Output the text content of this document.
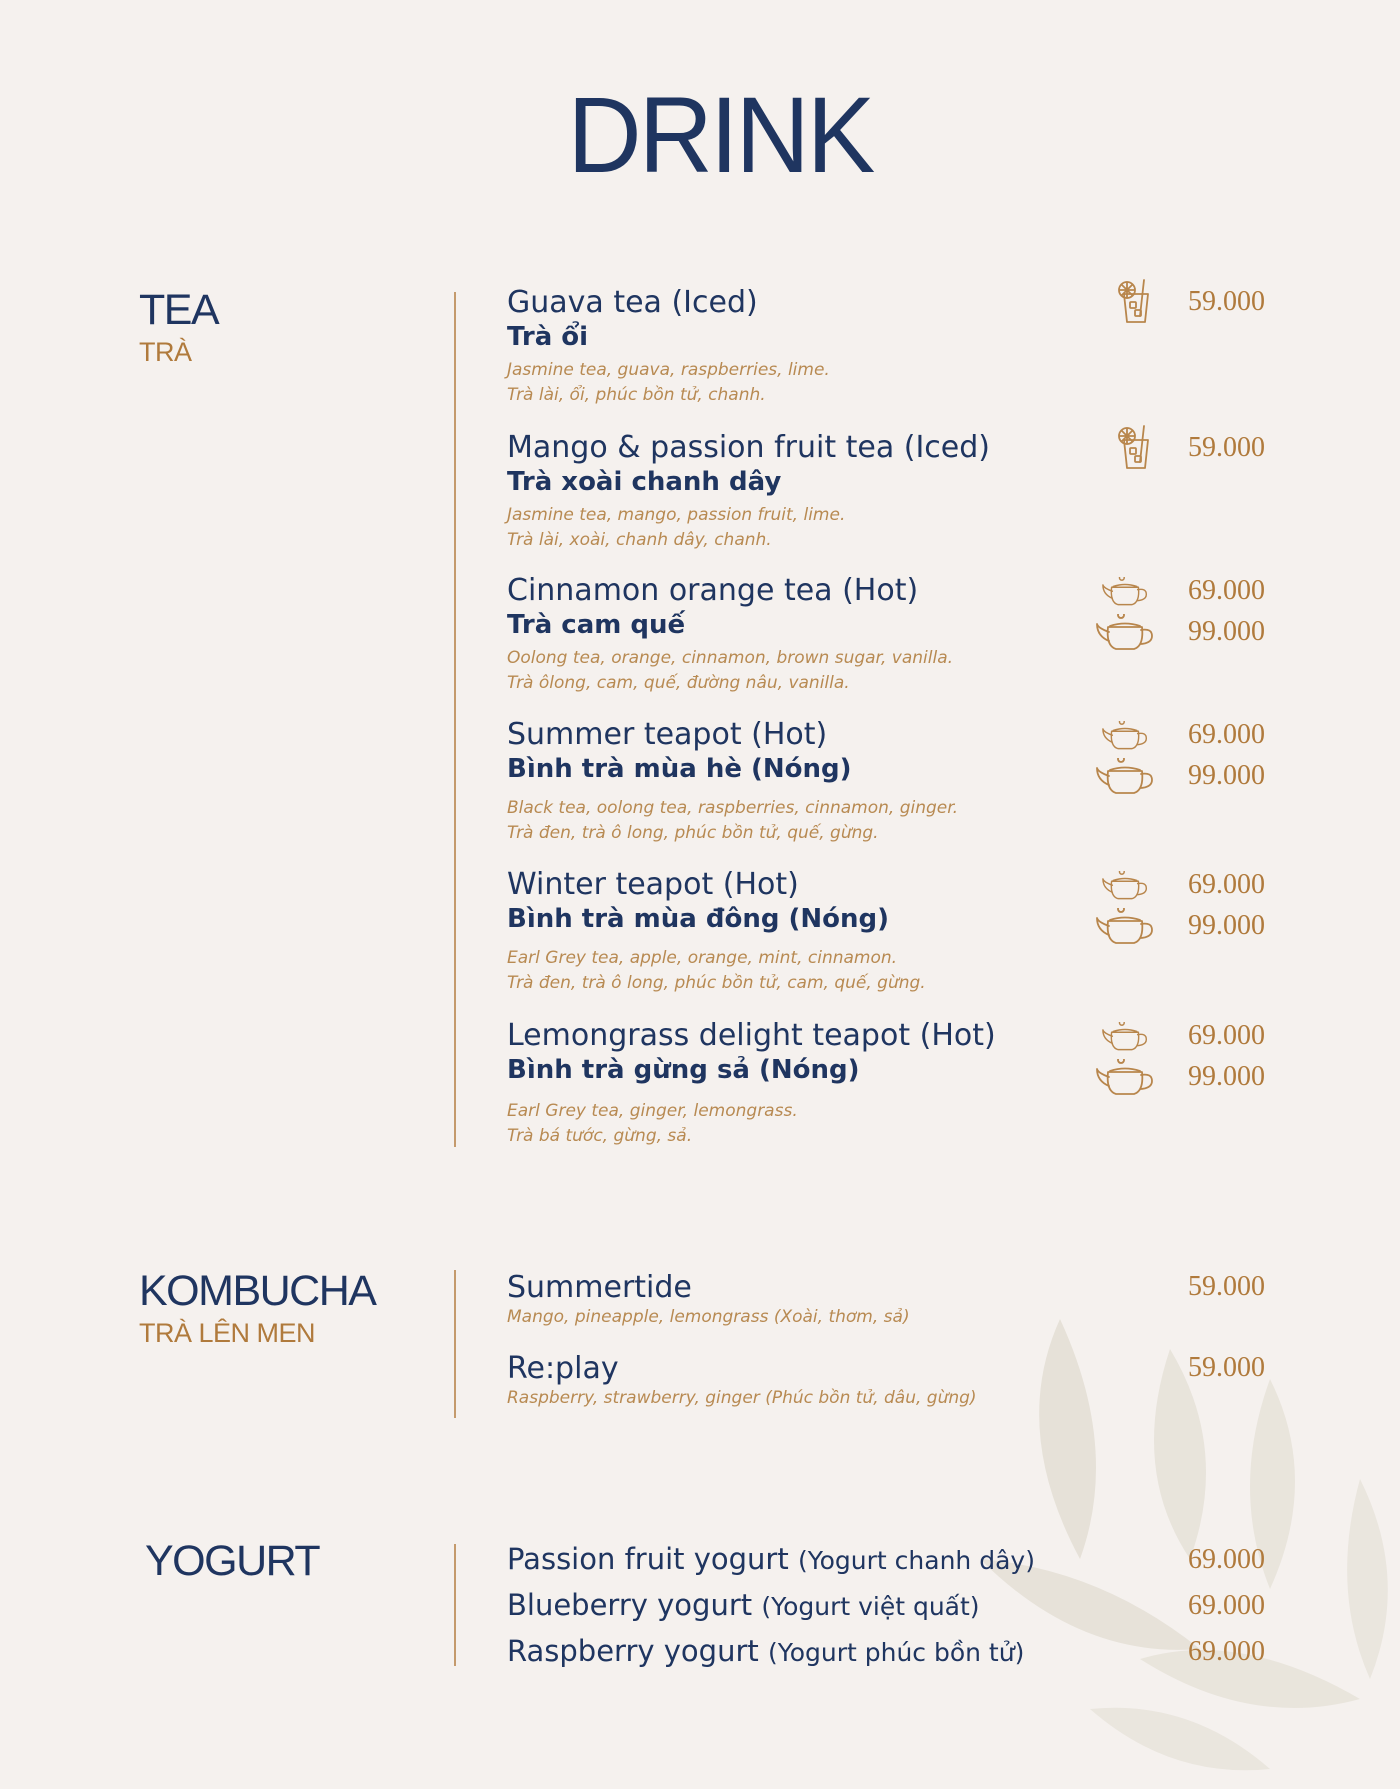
DRINK
TEA
TRÀ
Guava tea (Iced)
Trà ổi
Jasmine tea, guava, raspberries, lime.
Trà lài, ổi, phúc bồn tử, chanh.
59.000
Mango & passion fruit tea (Iced)
Trà xoài chanh dây
Jasmine tea, mango, passion fruit, lime.
Trà lài, xoài, chanh dây, chanh.
59.000
Cinnamon orange tea (Hot)
Trà cam quế
Oolong tea, orange, cinnamon, brown sugar, vanilla.
Trà ôlong, cam, quế, đường nâu, vanilla.
69.000
99.000
Summer teapot (Hot)
Bình trà mùa hè (Nóng)
Black tea, oolong tea, raspberries, cinnamon, ginger.
Trà đen, trà ô long, phúc bồn tử, quế, gừng.
69.000
99.000
Winter teapot (Hot)
Bình trà mùa đông (Nóng)
Earl Grey tea, apple, orange, mint, cinnamon.
Trà đen, trà ô long, phúc bồn tử, cam, quế, gừng.
69.000
99.000
Lemongrass delight teapot (Hot)
Bình trà gừng sả (Nóng)
Earl Grey tea, ginger, lemongrass.
Trà bá tước, gừng, sả.
69.000
99.000
KOMBUCHA
TRÀ LÊN MEN
Summertide
Mango, pineapple, lemongrass (Xoài, thơm, sả)
59.000
Re:play
Raspberry, strawberry, ginger (Phúc bồn tử, dâu, gừng)
59.000
YOGURT	Passion fruit yogurt (Yogurt chanh dây)	69.000
Blueberry yogurt (Yogurt việt quất)	69.000
Raspberry yogurt (Yogurt phúc bồn tử)	69.000
